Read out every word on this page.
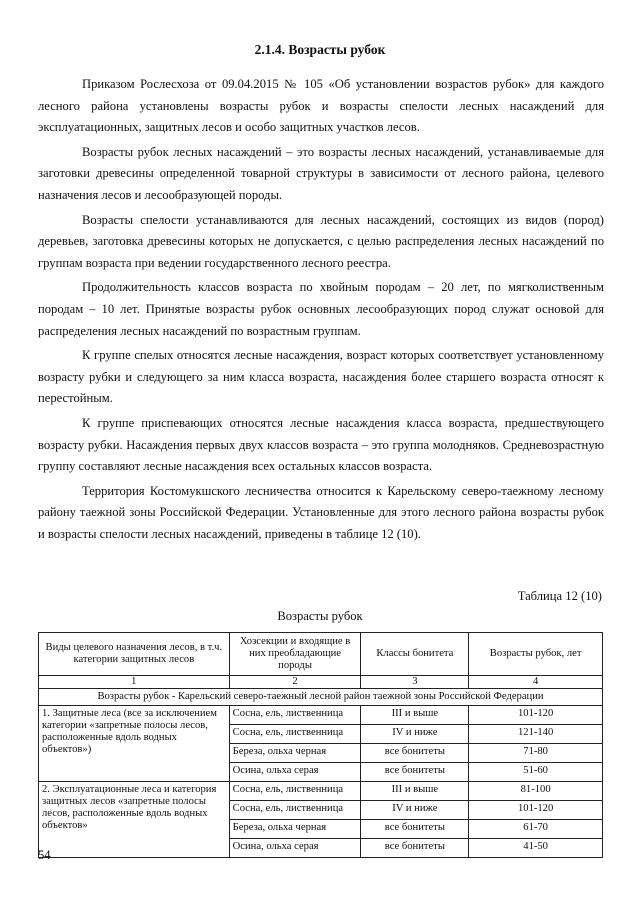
2.1.4. Возрасты рубок

Приказом Рослесхоза от 09.04.2015 № 105 «Об установлении возрастов рубок» для каждого лесного района установлены возрасты рубок и возрасты спелости лесных насаждений для эксплуатационных, защитных лесов и особо защитных участков лесов.

Возрасты рубок лесных насаждений – это возрасты лесных насаждений, устанавливаемые для заготовки древесины определенной товарной структуры в зависимости от лесного района, целевого назначения лесов и лесообразующей породы.

Возрасты спелости устанавливаются для лесных насаждений, состоящих из видов (пород) деревьев, заготовка древесины которых не допускается, с целью распределения лесных насаждений по группам возраста при ведении государственного лесного реестра.

Продолжительность классов возраста по хвойным породам – 20 лет, по мягколиственным породам – 10 лет. Принятые возрасты рубок основных лесообразующих пород служат основой для распределения лесных насаждений по возрастным группам.

К группе спелых относятся лесные насаждения, возраст которых соответствует установленному возрасту рубки и следующего за ним класса возраста, насаждения более старшего возраста относят к перестойным.

К группе приспевающих относятся лесные насаждения класса возраста, предшествующего возрасту рубки. Насаждения первых двух классов возраста – это группа молодняков. Средневозрастную группу составляют лесные насаждения всех остальных классов возраста.

Территория Костомукшского лесничества относится к Карельскому северо-таежному лесному району таежной зоны Российской Федерации. Установленные для этого лесного района возрасты рубок и возрасты спелости лесных насаждений, приведены в таблице 12 (10).

Таблица 12 (10)

Возрасты рубок

Виды целевого назначения лесов, в т.ч. категории защитных лесов	Хозсекции и входящие в них преобладающие породы	Классы бонитета	Возрасты рубок, лет
1	2	3	4
Возрасты рубок - Карельский северо-таежный лесной район таежной зоны Российской Федерации			
1. Защитные леса (все за исключением категории «запретные полосы лесов, расположенные вдоль водных объектов»)	Сосна, ель, лиственница	III и выше	101-120
	Сосна, ель, лиственница	IV и ниже	121-140
	Береза, ольха черная	все бонитеты	71-80
	Осина, ольха серая	все бонитеты	51-60
2. Эксплуатационные леса и категория защитных лесов «запретные полосы лесов, расположенные вдоль водных объектов»	Сосна, ель, лиственница	III и выше	81-100
	Сосна, ель, лиственница	IV и ниже	101-120
	Береза, ольха черная	все бонитеты	61-70
	Осина, ольха серая	все бонитеты	41-50

54
